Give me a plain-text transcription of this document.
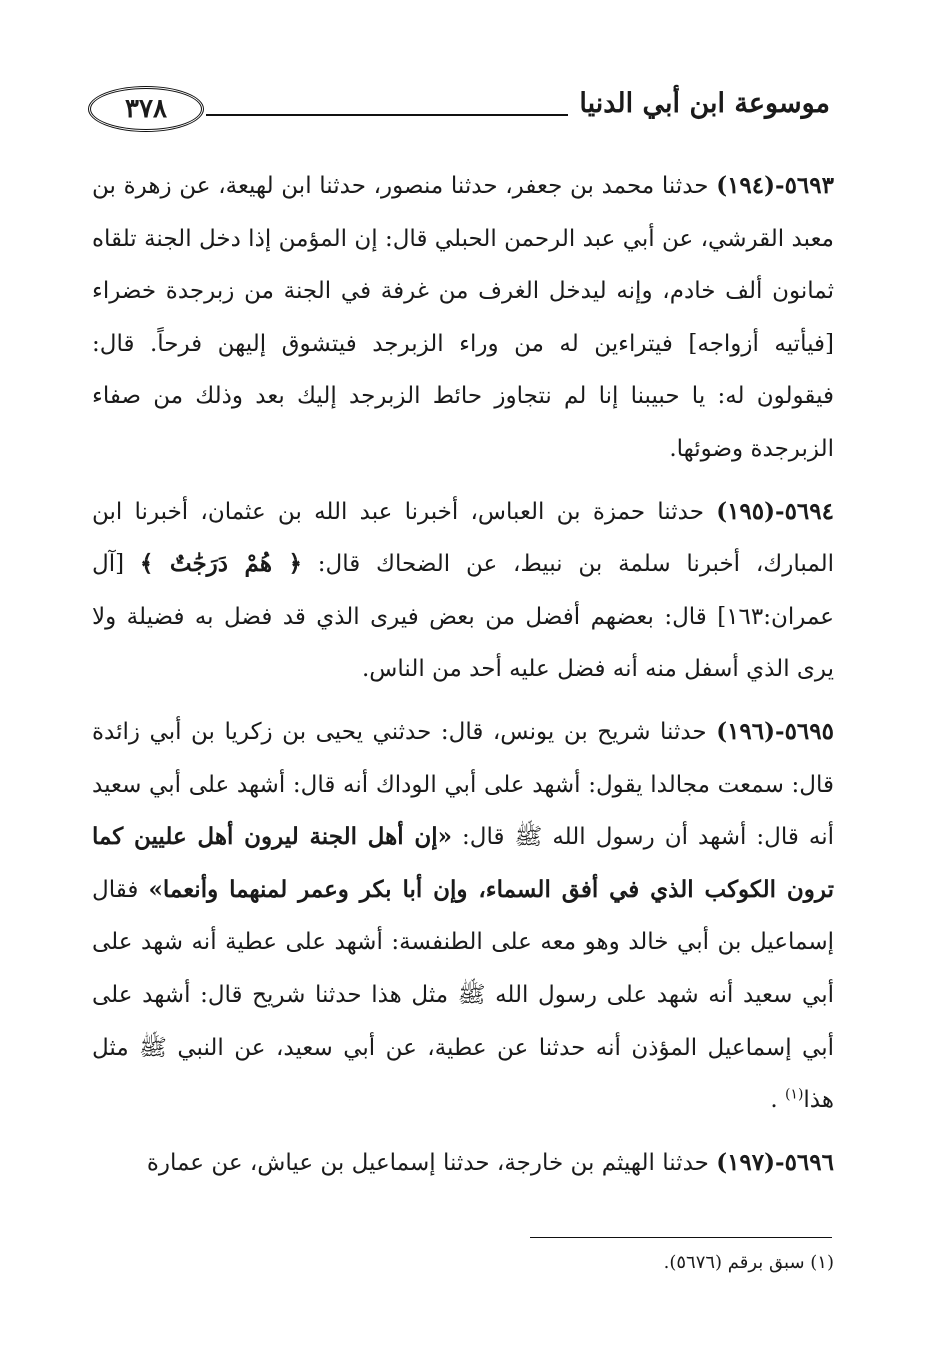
٣٧٨	موسوعة ابن أبي الدنيا

٥٦٩٣-(١٩٤) حدثنا محمد بن جعفر، حدثنا منصور، حدثنا ابن لهيعة، عن زهرة بن معبد القرشي، عن أبي عبد الرحمن الحبلي قال: إن المؤمن إذا دخل الجنة تلقاه ثمانون ألف خادم، وإنه ليدخل الغرف من غرفة في الجنة من زبرجدة خضراء [فيأتيه أزواجه] فيتراءين له من وراء الزبرجد فيتشوق إليهن فرحاً. قال: فيقولون له: يا حبيبنا إنا لم نتجاوز حائط الزبرجد إليك بعد وذلك من صفاء الزبرجدة وضوئها.

٥٦٩٤-(١٩٥) حدثنا حمزة بن العباس، أخبرنا عبد الله بن عثمان، أخبرنا ابن المبارك، أخبرنا سلمة بن نبيط، عن الضحاك قال: ﴿ هُمْ دَرَجَٰتٌ ﴾ [آل عمران:١٦٣] قال: بعضهم أفضل من بعض فيرى الذي قد فضل به فضيلة ولا يرى الذي أسفل منه أنه فضل عليه أحد من الناس.

٥٦٩٥-(١٩٦) حدثنا شريح بن يونس، قال: حدثني يحيى بن زكريا بن أبي زائدة قال: سمعت مجالدا يقول: أشهد على أبي الوداك أنه قال: أشهد على أبي سعيد أنه قال: أشهد أن رسول الله ﷺ قال: «إن أهل الجنة ليرون أهل عليين كما ترون الكوكب الذي في أفق السماء، وإن أبا بكر وعمر لمنهما وأنعما» فقال إسماعيل بن أبي خالد وهو معه على الطنفسة: أشهد على عطية أنه شهد على أبي سعيد أنه شهد على رسول الله ﷺ مثل هذا حدثنا شريح قال: أشهد على أبي إسماعيل المؤذن أنه حدثنا عن عطية، عن أبي سعيد، عن النبي ﷺ مثل هذا$^{(١)}$ .

٥٦٩٦-(١٩٧) حدثنا الهيثم بن خارجة، حدثنا إسماعيل بن عياش، عن عمارة

(١) سبق برقم (٥٦٧٦).
